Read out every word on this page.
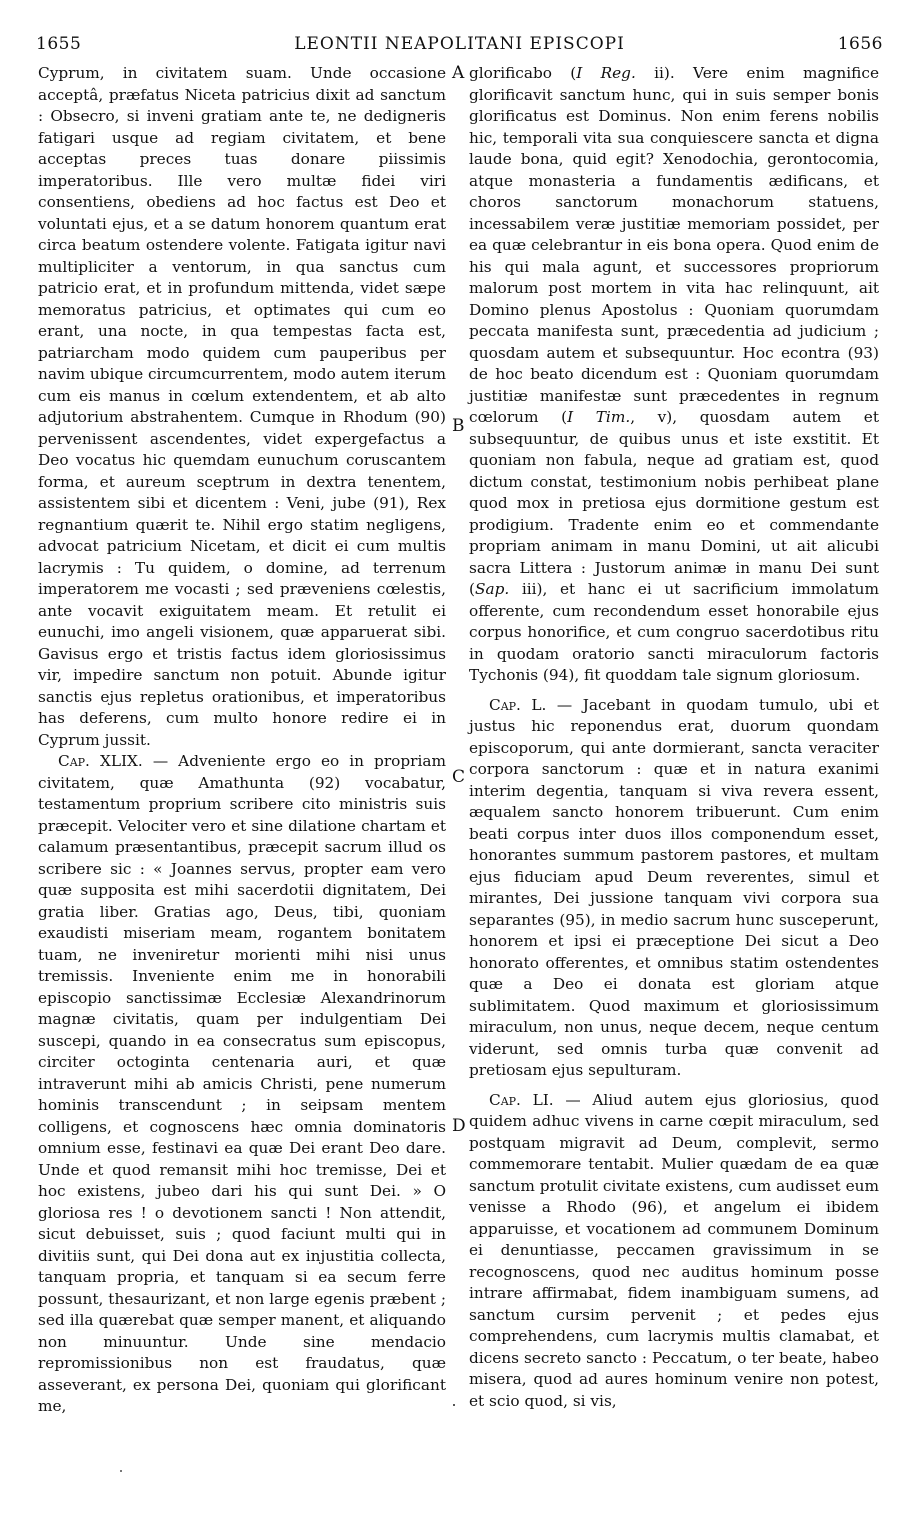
1655	LEONTII NEAPOLITANI EPISCOPI	1656
A
B
C
D

Cyprum, in civitatem suam. Unde occasione acceptâ, præfatus Niceta patricius dixit ad sanctum : Obsecro, si inveni gratiam ante te, ne dedigneris fatigari usque ad regiam civitatem, et bene acceptas preces tuas donare piissimis imperatoribus. Ille vero multæ fidei viri consentiens, obediens ad hoc factus est Deo et voluntati ejus, et a se datum honorem quantum erat circa beatum ostendere volente. Fatigata igitur navi multipliciter a ventorum, in qua sanctus cum patricio erat, et in profundum mittenda, videt sæpe memoratus patricius, et optimates qui cum eo erant, una nocte, in qua tempestas facta est, patriarcham modo quidem cum pauperibus per navim ubique circumcurrentem, modo autem iterum cum eis manus in cœlum extendentem, et ab alto adjutorium abstrahentem. Cumque in Rhodum (90) pervenissent ascendentes, videt expergefactus a Deo vocatus hic quemdam eunuchum coruscantem forma, et aureum sceptrum in dextra tenentem, assistentem sibi et dicentem : Veni, jube (91), Rex regnantium quærit te. Nihil ergo statim negligens, advocat patricium Nicetam, et dicit ei cum multis lacrymis : Tu quidem, o domine, ad terrenum imperatorem me vocasti ; sed præveniens cœlestis, ante vocavit exiguitatem meam. Et retulit ei eunuchi, imo angeli visionem, quæ apparuerat sibi. Gavisus ergo et tristis factus idem gloriosissimus vir, impedire sanctum non potuit. Abunde igitur sanctis ejus repletus orationibus, et imperatoribus has deferens, cum multo honore redire ei in Cyprum jussit.

Cap. XLIX. — Adveniente ergo eo in propriam civitatem, quæ Amathunta (92) vocabatur, testamentum proprium scribere cito ministris suis præcepit. Velociter vero et sine dilatione chartam et calamum præsentantibus, præcepit sacrum illud os scribere sic : « Joannes servus, propter eam vero quæ supposita est mihi sacerdotii dignitatem, Dei gratia liber. Gratias ago, Deus, tibi, quoniam exaudisti miseriam meam, rogantem bonitatem tuam, ne inveniretur morienti mihi nisi unus tremissis. Inveniente enim me in honorabili episcopio sanctissimæ Ecclesiæ Alexandrinorum magnæ civitatis, quam per indulgentiam Dei suscepi, quando in ea consecratus sum episcopus, circiter octoginta centenaria auri, et quæ intraverunt mihi ab amicis Christi, pene numerum hominis transcendunt ; in seipsam mentem colligens, et cognoscens hæc omnia dominatoris omnium esse, festinavi ea quæ Dei erant Deo dare. Unde et quod remansit mihi hoc tremisse, Dei et hoc existens, jubeo dari his qui sunt Dei. » O gloriosa res ! o devotionem sancti ! Non attendit, sicut debuisset, suis ; quod faciunt multi qui in divitiis sunt, qui Dei dona aut ex injustitia collecta, tanquam propria, et tanquam si ea secum ferre possunt, thesaurizant, et non large egenis præbent ; sed illa quærebat quæ semper manent, et aliquando non minuuntur. Unde sine mendacio repromissionibus non est fraudatus, quæ asseverant, ex persona Dei, quoniam qui glorificant me,

glorificabo (I Reg. ii). Vere enim magnifice glorificavit sanctum hunc, qui in suis semper bonis glorificatus est Dominus. Non enim ferens nobilis hic, temporali vita sua conquiescere sancta et digna laude bona, quid egit? Xenodochia, gerontocomia, atque monasteria a fundamentis ædificans, et choros sanctorum monachorum statuens, incessabilem veræ justitiæ memoriam possidet, per ea quæ celebrantur in eis bona opera. Quod enim de his qui mala agunt, et successores propriorum malorum post mortem in vita hac relinquunt, ait Domino plenus Apostolus : Quoniam quorumdam peccata manifesta sunt, præcedentia ad judicium ; quosdam autem et subsequuntur. Hoc econtra (93) de hoc beato dicendum est : Quoniam quorumdam justitiæ manifestæ sunt præcedentes in regnum cœlorum (I Tim., v), quosdam autem et subsequuntur, de quibus unus et iste exstitit. Et quoniam non fabula, neque ad gratiam est, quod dictum constat, testimonium nobis perhibeat plane quod mox in pretiosa ejus dormitione gestum est prodigium. Tradente enim eo et commendante propriam animam in manu Domini, ut ait alicubi sacra Littera : Justorum animæ in manu Dei sunt (Sap. iii), et hanc ei ut sacrificium immolatum offerente, cum recondendum esset honorabile ejus corpus honorifice, et cum congruo sacerdotibus ritu in quodam oratorio sancti miraculorum factoris Tychonis (94), fit quoddam tale signum gloriosum.

Cap. L. — Jacebant in quodam tumulo, ubi et justus hic reponendus erat, duorum quondam episcoporum, qui ante dormierant, sancta veraciter corpora sanctorum : quæ et in natura exanimi interim degentia, tanquam si viva revera essent, æqualem sancto honorem tribuerunt. Cum enim beati corpus inter duos illos componendum esset, honorantes summum pastorem pastores, et multam ejus fiduciam apud Deum reverentes, simul et mirantes, Dei jussione tanquam vivi corpora sua separantes (95), in medio sacrum hunc susceperunt, honorem et ipsi ei præceptione Dei sicut a Deo honorato offerentes, et omnibus statim ostendentes quæ a Deo ei donata est gloriam atque sublimitatem. Quod maximum et gloriosissimum miraculum, non unus, neque decem, neque centum viderunt, sed omnis turba quæ convenit ad pretiosam ejus sepulturam.

Cap. LI. — Aliud autem ejus gloriosius, quod quidem adhuc vivens in carne cœpit miraculum, sed postquam migravit ad Deum, complevit, sermo commemorare tentabit. Mulier quædam de ea quæ sanctum protulit civitate existens, cum audisset eum venisse a Rhodo (96), et angelum ei ibidem apparuisse, et vocationem ad communem Dominum ei denuntiasse, peccamen gravissimum in se recognoscens, quod nec auditus hominum posse intrare affirmabat, fidem inambiguam sumens, ad sanctum cursim pervenit ; et pedes ejus comprehendens, cum lacrymis multis clamabat, et dicens secreto sancto : Peccatum, o ter beate, habeo misera, quod ad aures hominum venire non potest, et scio quod, si vis,
